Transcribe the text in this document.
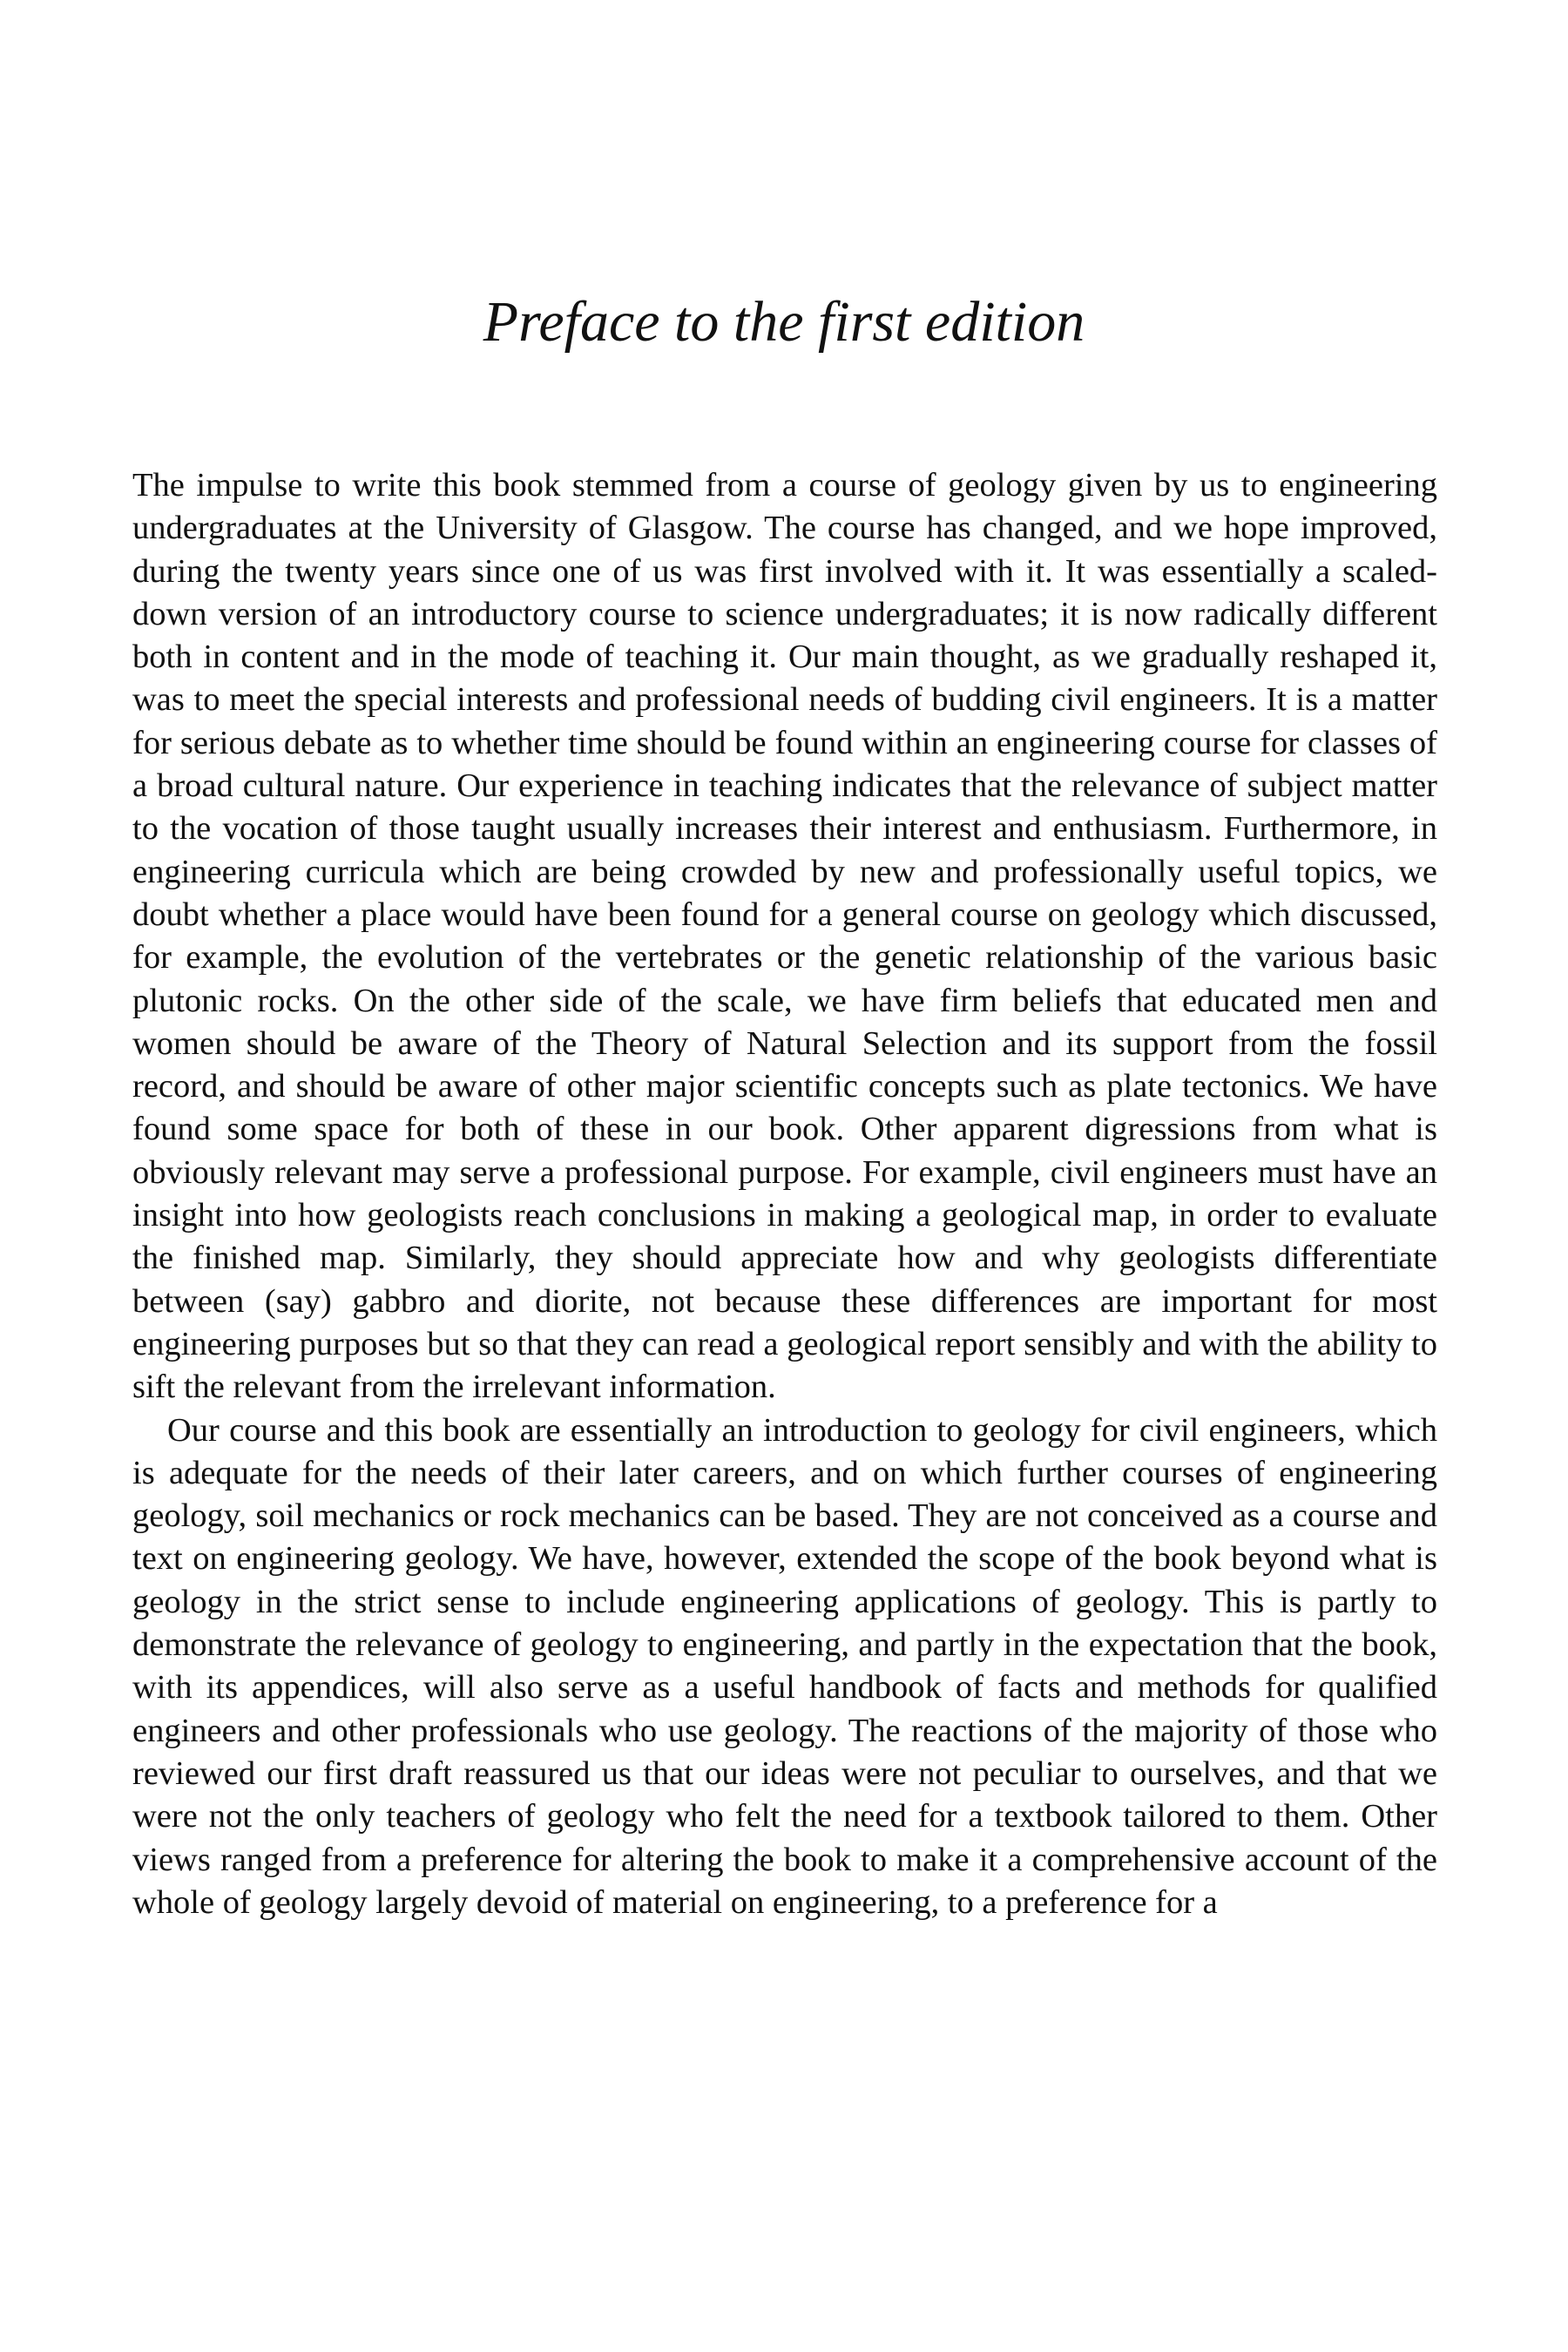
Preface to the first edition

The impulse to write this book stemmed from a course of geology given by us to engineering undergraduates at the University of Glasgow. The course has changed, and we hope improved, during the twenty years since one of us was first involved with it. It was essentially a scaled-down version of an introductory course to science undergraduates; it is now radically different both in content and in the mode of teaching it. Our main thought, as we gradually reshaped it, was to meet the special interests and professional needs of budding civil engineers. It is a matter for serious debate as to whether time should be found within an engineering course for classes of a broad cultural nature. Our experience in teaching indicates that the relevance of subject matter to the vocation of those taught usually increases their interest and enthusiasm. Furthermore, in engineering curricula which are being crowded by new and professionally useful topics, we doubt whether a place would have been found for a general course on geology which discussed, for example, the evolution of the vertebrates or the genetic relationship of the various basic plutonic rocks. On the other side of the scale, we have firm beliefs that educated men and women should be aware of the Theory of Natural Selection and its support from the fossil record, and should be aware of other major scientific concepts such as plate tectonics. We have found some space for both of these in our book. Other apparent digressions from what is obviously relevant may serve a professional purpose. For example, civil engineers must have an insight into how geologists reach conclusions in making a geological map, in order to evaluate the finished map. Similarly, they should appreciate how and why geologists differentiate between (say) gabbro and diorite, not because these differences are important for most engineering purposes but so that they can read a geological report sensibly and with the ability to sift the relevant from the irrelevant information.

Our course and this book are essentially an introduction to geology for civil engineers, which is adequate for the needs of their later careers, and on which further courses of engineering geology, soil mechanics or rock mechanics can be based. They are not conceived as a course and text on engineering geology. We have, however, extended the scope of the book beyond what is geology in the strict sense to include engineering applications of geology. This is partly to demonstrate the relevance of geology to engineering, and partly in the expectation that the book, with its appendices, will also serve as a useful handbook of facts and methods for qualified engineers and other professionals who use geology. The reactions of the majority of those who reviewed our first draft reassured us that our ideas were not peculiar to ourselves, and that we were not the only teachers of geology who felt the need for a textbook tailored to them. Other views ranged from a preference for altering the book to make it a comprehensive account of the whole of geology largely devoid of material on engineering, to a preference for a
